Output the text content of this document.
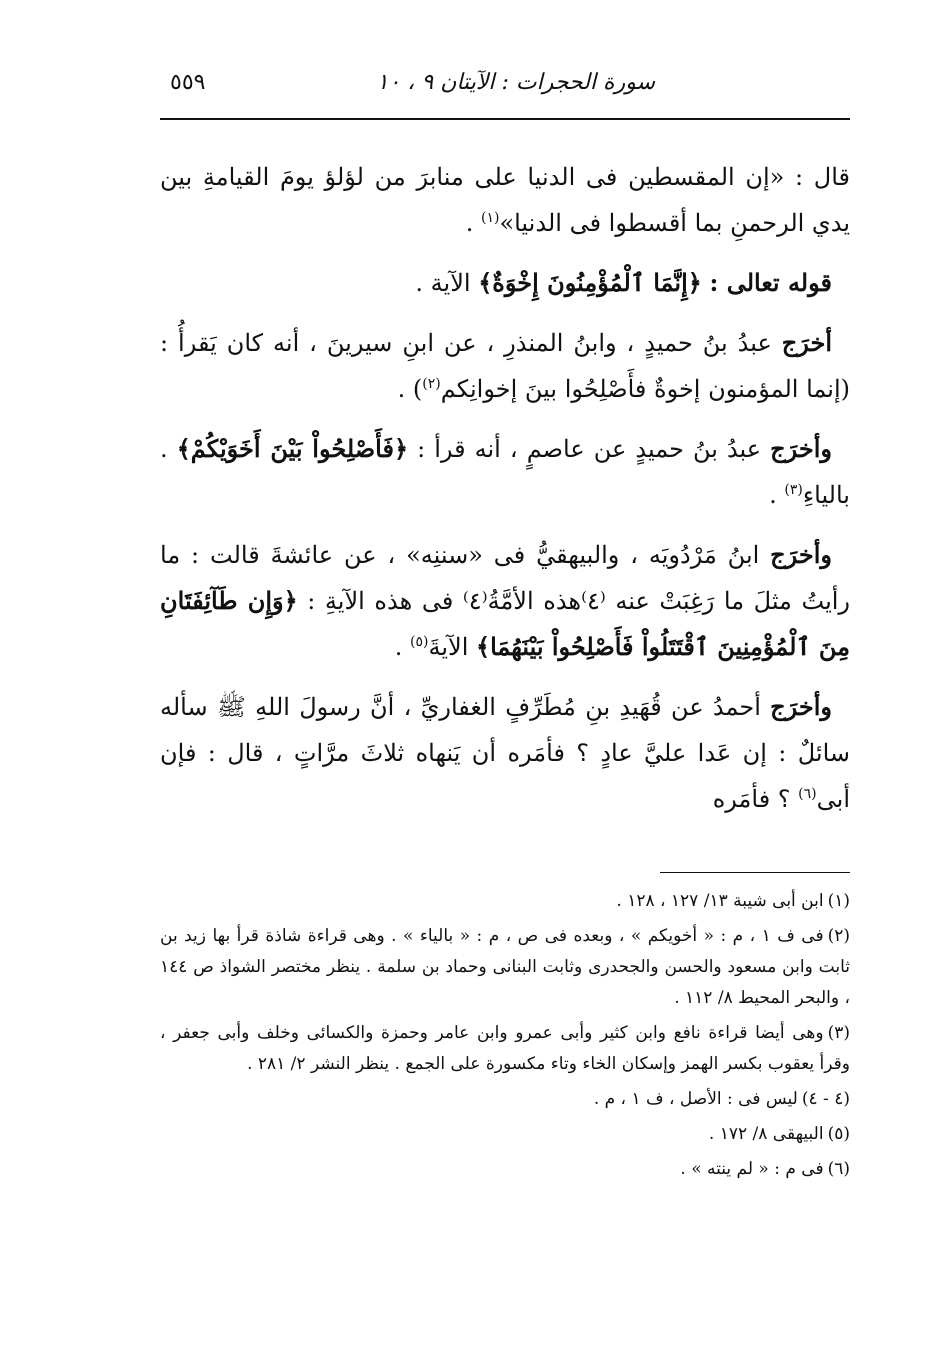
سورة الحجرات : الآيتان ٩ ، ١٠
٥٥٩

قال : «إن المقسطين فى الدنيا على منابرَ من لؤلؤ يومَ القيامةِ بين يدي الرحمنِ بما أقسطوا فى الدنيا»$^{(١)}$ .

قوله تعالى : ﴿إِنَّمَا ٱلْمُؤْمِنُونَ إِخْوَةٌ﴾ الآية .

أخرَج عبدُ بنُ حميدٍ ، وابنُ المنذرِ ، عن ابنِ سيرينَ ، أنه كان يَقرأُ : (إنما المؤمنون إخوةٌ فأَصْلِحُوا بينَ إخوانِكم$^{(٢)}$) .

وأخرَج عبدُ بنُ حميدٍ عن عاصمٍ ، أنه قرأ : ﴿فَأَصْلِحُواْ بَيْنَ أَخَوَيْكُمْ﴾ . بالياءِ$^{(٣)}$ .

وأخرَج ابنُ مَرْدُويَه ، والبيهقيُّ فى «سننِه» ، عن عائشةَ قالت : ما رأيتُ مثلَ ما رَغِبَتْ عنه ⁽٤⁾هذه الأمَّةُ⁽٤⁾ فى هذه الآيةِ : ﴿وَإِن طَآئِفَتَانِ مِنَ ٱلْمُؤْمِنِينَ ٱقْتَتَلُواْ فَأَصْلِحُواْ بَيْنَهُمَا﴾ الآيةَ$^{(٥)}$ .

وأخرَج أحمدُ عن قُهَيدِ بنِ مُطَرِّفٍ الغفاريِّ ، أنَّ رسولَ اللهِ ﷺ سأله سائلٌ : إن عَدا عليَّ عادٍ ؟ فأمَره أن يَنهاه ثلاثَ مرَّاتٍ ، قال : فإن أبى$^{(٦)}$ ؟ فأمَره

(١)ابن أبى شيبة ١٣/ ١٢٧ ، ١٢٨ .

(٢)فى ف ١ ، م : « أخويكم » ، وبعده فى ص ، م : « بالياء » . وهى قراءة شاذة قرأ بها زيد بن ثابت وابن مسعود والحسن والجحدرى وثابت البنانى وحماد بن سلمة . ينظر مختصر الشواذ ص ١٤٤ ، والبحر المحيط ٨/ ١١٢ .

(٣)وهى أيضا قراءة نافع وابن كثير وأبى عمرو وابن عامر وحمزة والكسائى وخلف وأبى جعفر ، وقرأ يعقوب بكسر الهمز وإسكان الخاء وتاء مكسورة على الجمع . ينظر النشر ٢/ ٢٨١ .

(٤ - ٤)ليس فى : الأصل ، ف ١ ، م .

(٥)البيهقى ٨/ ١٧٢ .

(٦)فى م : « لم ينته » .
